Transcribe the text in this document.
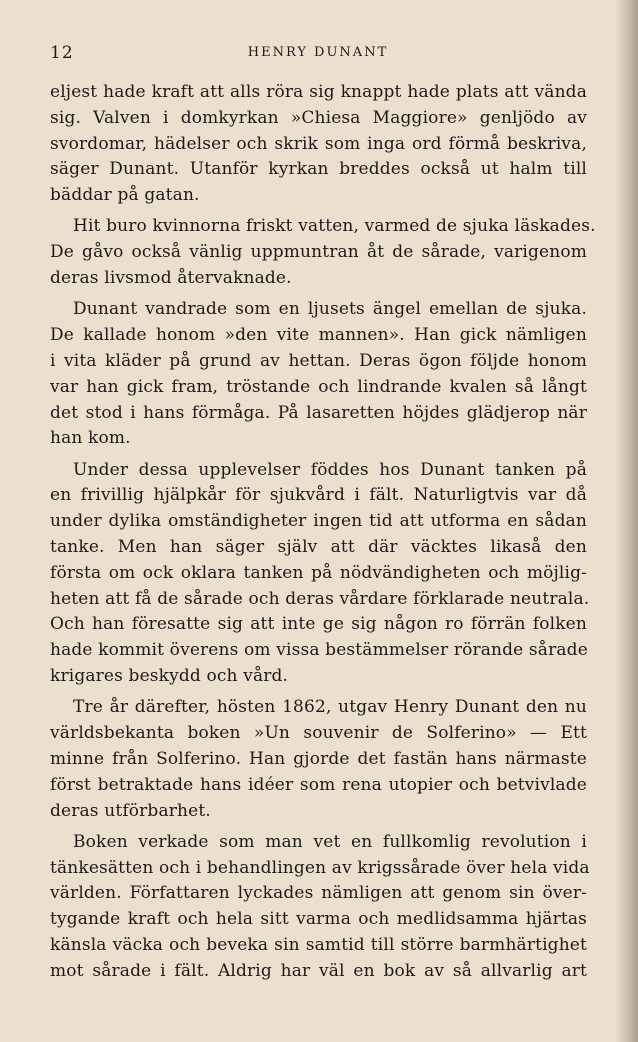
12	HENRY DUNANT
eljest hade kraft att alls röra sig knappt hade plats att vända
sig. Valven i domkyrkan »Chiesa Maggiore» genljödo av
svordomar, hädelser och skrik som inga ord förmå beskriva,
säger Dunant. Utanför kyrkan breddes också ut halm till
bäddar på gatan.
Hit buro kvinnorna friskt vatten, varmed de sjuka läskades.
De gåvo också vänlig uppmuntran åt de sårade, varigenom
deras livsmod återvaknade.
Dunant vandrade som en ljusets ängel emellan de sjuka.
De kallade honom »den vite mannen». Han gick nämligen
i vita kläder på grund av hettan. Deras ögon följde honom
var han gick fram, tröstande och lindrande kvalen så långt
det stod i hans förmåga. På lasaretten höjdes glädjerop när
han kom.
Under dessa upplevelser föddes hos Dunant tanken på
en frivillig hjälpkår för sjukvård i fält. Naturligtvis var då
under dylika omständigheter ingen tid att utforma en sådan
tanke. Men han säger själv att där väcktes likaså den
första om ock oklara tanken på nödvändigheten och möjlig-
heten att få de sårade och deras vårdare förklarade neutrala.
Och han föresatte sig att inte ge sig någon ro förrän folken
hade kommit överens om vissa bestämmelser rörande sårade
krigares beskydd och vård.
Tre år därefter, hösten 1862, utgav Henry Dunant den nu
världsbekanta boken »Un souvenir de Solferino» — Ett
minne från Solferino. Han gjorde det fastän hans närmaste
först betraktade hans idéer som rena utopier och betvivlade
deras utförbarhet.
Boken verkade som man vet en fullkomlig revolution i
tänkesätten och i behandlingen av krigssårade över hela vida
världen. Författaren lyckades nämligen att genom sin över-
tygande kraft och hela sitt varma och medlidsamma hjärtas
känsla väcka och beveka sin samtid till större barmhärtighet
mot sårade i fält. Aldrig har väl en bok av så allvarlig art
